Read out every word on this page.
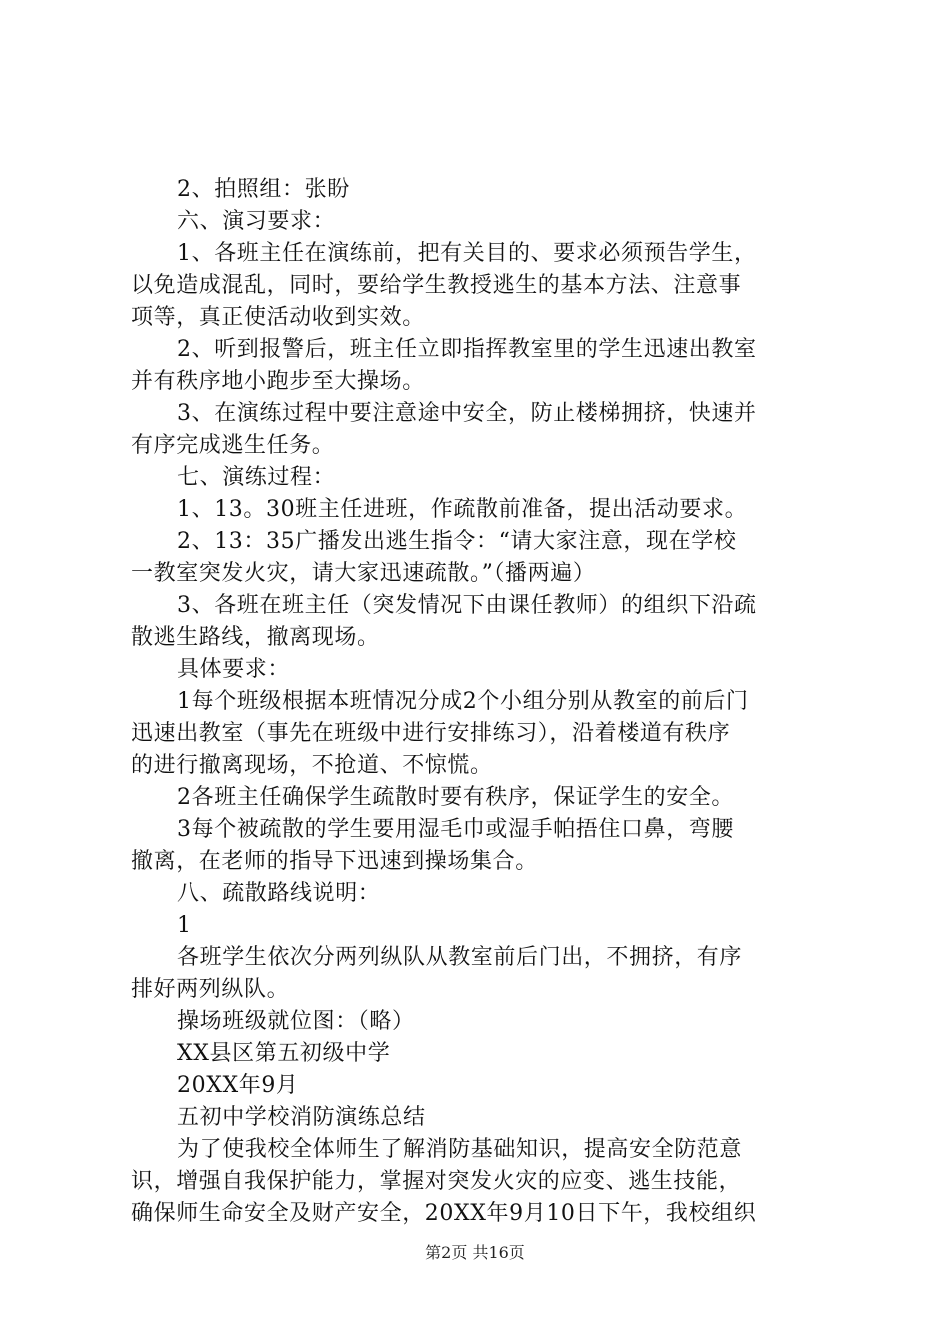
2、拍照组：张盼
六、演习要求：
1、各班主任在演练前，把有关目的、要求必须预告学生，
以免造成混乱，同时，要给学生教授逃生的基本方法、注意事
项等，真正使活动收到实效。
2、听到报警后，班主任立即指挥教室里的学生迅速出教室
并有秩序地小跑步至大操场。
3、在演练过程中要注意途中安全，防止楼梯拥挤，快速并
有序完成逃生任务。
七、演练过程：
1、13。30班主任进班，作疏散前准备，提出活动要求。
2、13：35广播发出逃生指令：“请大家注意，现在学校
一教室突发火灾，请大家迅速疏散。”（播两遍）
3、各班在班主任（突发情况下由课任教师）的组织下沿疏
散逃生路线，撤离现场。
具体要求：
1每个班级根据本班情况分成2个小组分别从教室的前后门
迅速出教室（事先在班级中进行安排练习），沿着楼道有秩序
的进行撤离现场，不抢道、不惊慌。
2各班主任确保学生疏散时要有秩序，保证学生的安全。
3每个被疏散的学生要用湿毛巾或湿手帕捂住口鼻，弯腰
撤离，在老师的指导下迅速到操场集合。
八、疏散路线说明：
1
各班学生依次分两列纵队从教室前后门出，不拥挤，有序
排好两列纵队。
操场班级就位图：（略）
XX县区第五初级中学
20XX年9月
五初中学校消防演练总结
为了使我校全体师生了解消防基础知识，提高安全防范意
识，增强自我保护能力，掌握对突发火灾的应变、逃生技能，
确保师生命安全及财产安全，20XX年9月10日下午，我校组织
第2页 共16页
